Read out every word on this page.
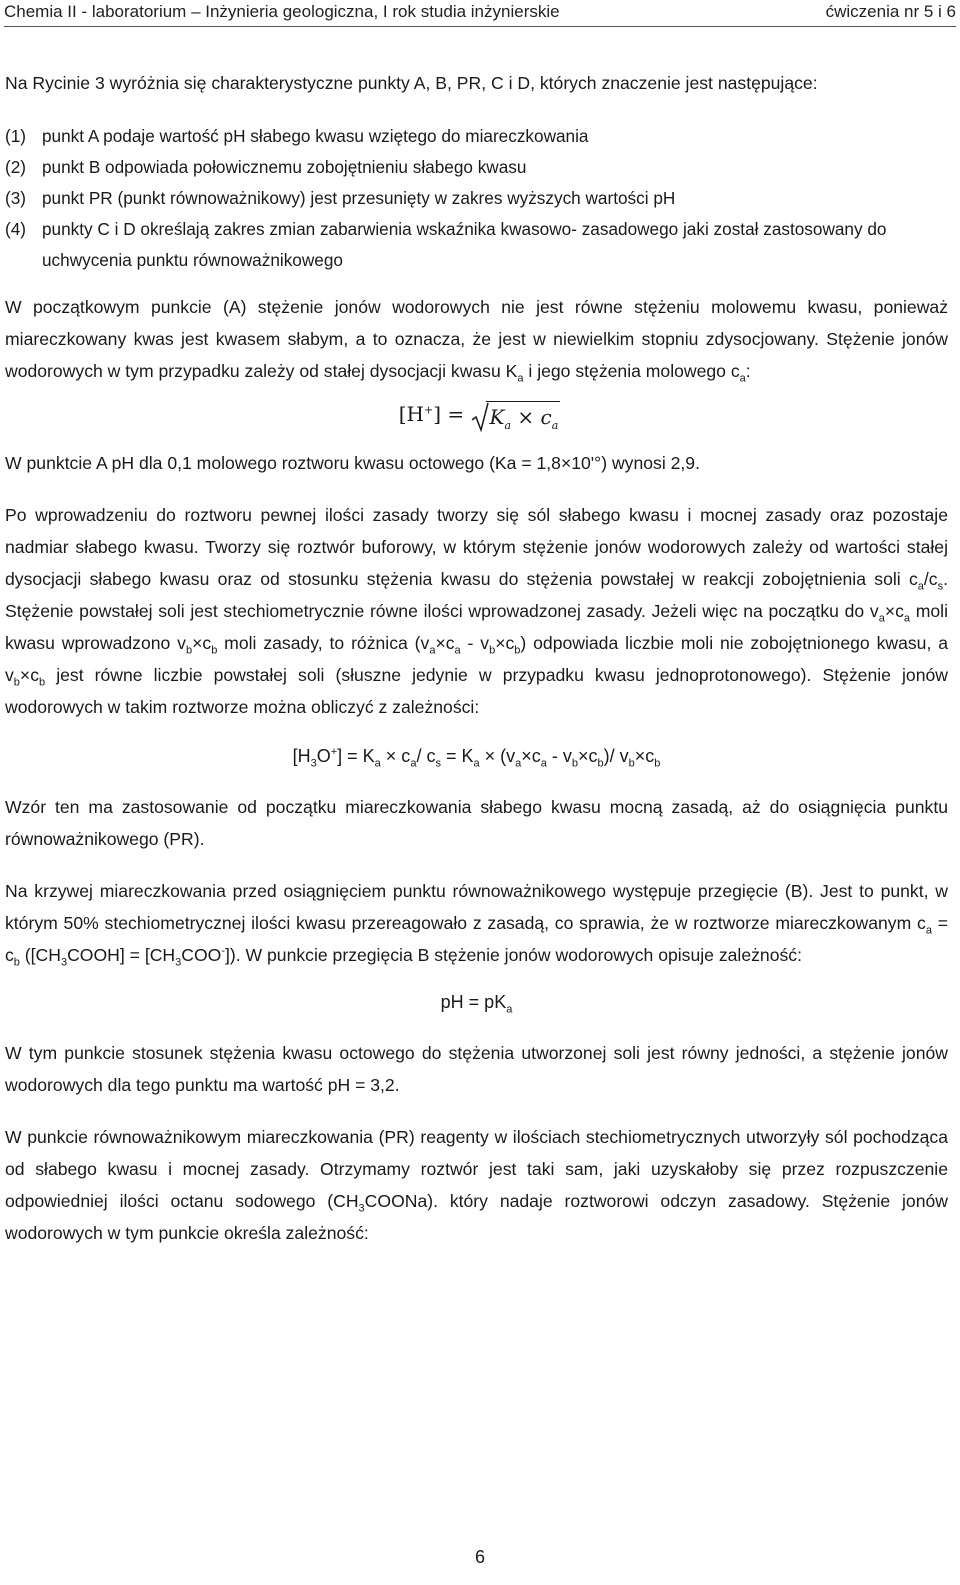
Chemia II - laboratorium – Inżynieria geologiczna, I rok studia inżynierskie	ćwiczenia nr 5 i 6

Na Rycinie 3 wyróżnia się charakterystyczne punkty A, B, PR, C i D, których znaczenie jest następujące:

(1) punkt A podaje wartość pH słabego kwasu wziętego do miareczkowania
(2) punkt B odpowiada połowicznemu zobojętnieniu słabego kwasu
(3) punkt PR (punkt równoważnikowy) jest przesunięty w zakres wyższych wartości pH
(4) punkty C i D określają zakres zmian zabarwienia wskaźnika kwasowo- zasadowego jaki został zastosowany do uchwycenia punktu równoważnikowego

W początkowym punkcie (A) stężenie jonów wodorowych nie jest równe stężeniu molowemu kwasu, ponieważ miareczkowany kwas jest kwasem słabym, a to oznacza, że jest w niewielkim stopniu zdysocjowany. Stężenie jonów wodorowych w tym przypadku zależy od stałej dysocjacji kwasu $K_a$ i jego stężenia molowego $c_a$:

$[H^+] = K_a \times c_a$

W punktcie A pH dla 0,1 molowego roztworu kwasu octowego (Ka = 1,8×10'°) wynosi 2,9.

Po wprowadzeniu do roztworu pewnej ilości zasady tworzy się sól słabego kwasu i mocnej zasady oraz pozostaje nadmiar słabego kwasu. Tworzy się roztwór buforowy, w którym stężenie jonów wodorowych zależy od wartości stałej dysocjacji słabego kwasu oraz od stosunku stężenia kwasu do stężenia powstałej w reakcji zobojętnienia soli $c_a/c_s$. Stężenie powstałej soli jest stechiometrycznie równe ilości wprowadzonej zasady. Jeżeli więc na początku do $v_a\times c_a$ moli kwasu wprowadzono $v_b\times c_b$ moli zasady, to różnica $(v_a\times c_a - v_b\times c_b)$ odpowiada liczbie moli nie zobojętnionego kwasu, a $v_b\times c_b$ jest równe liczbie powstałej soli (słuszne jedynie w przypadku kwasu jednoprotonowego). Stężenie jonów wodorowych w takim roztworze można obliczyć z zależności:

$[H_3O^+] = K_a \times c_a/$ $c_s = K_a \times (v_a\times c_a - v_b\times c_b)/$ $v_b\times c_b$

Wzór ten ma zastosowanie od początku miareczkowania słabego kwasu mocną zasadą, aż do osiągnięcia punktu równoważnikowego (PR).

Na krzywej miareczkowania przed osiągnięciem punktu równoważnikowego występuje przegięcie (B). Jest to punkt, w którym 50% stechiometrycznej ilości kwasu przereagowało z zasadą, co sprawia, że w roztworze miareczkowanym $c_a = c_b$ $([CH_3COOH] = [CH_3COO^-])$. W punkcie przegięcia B stężenie jonów wodorowych opisuje zależność:

pH = $pK_a$

W tym punkcie stosunek stężenia kwasu octowego do stężenia utworzonej soli jest równy jedności, a stężenie jonów wodorowych dla tego punktu ma wartość pH = 3,2.

W punkcie równoważnikowym miareczkowania (PR) reagenty w ilościach stechiometrycznych utworzyły sól pochodząca od słabego kwasu i mocnej zasady. Otrzymamy roztwór jest taki sam, jaki uzyskałoby się przez rozpuszczenie odpowiedniej ilości octanu sodowego $(CH_3COONa)$. który nadaje roztworowi odczyn zasadowy. Stężenie jonów wodorowych w tym punkcie określa zależność:

6
